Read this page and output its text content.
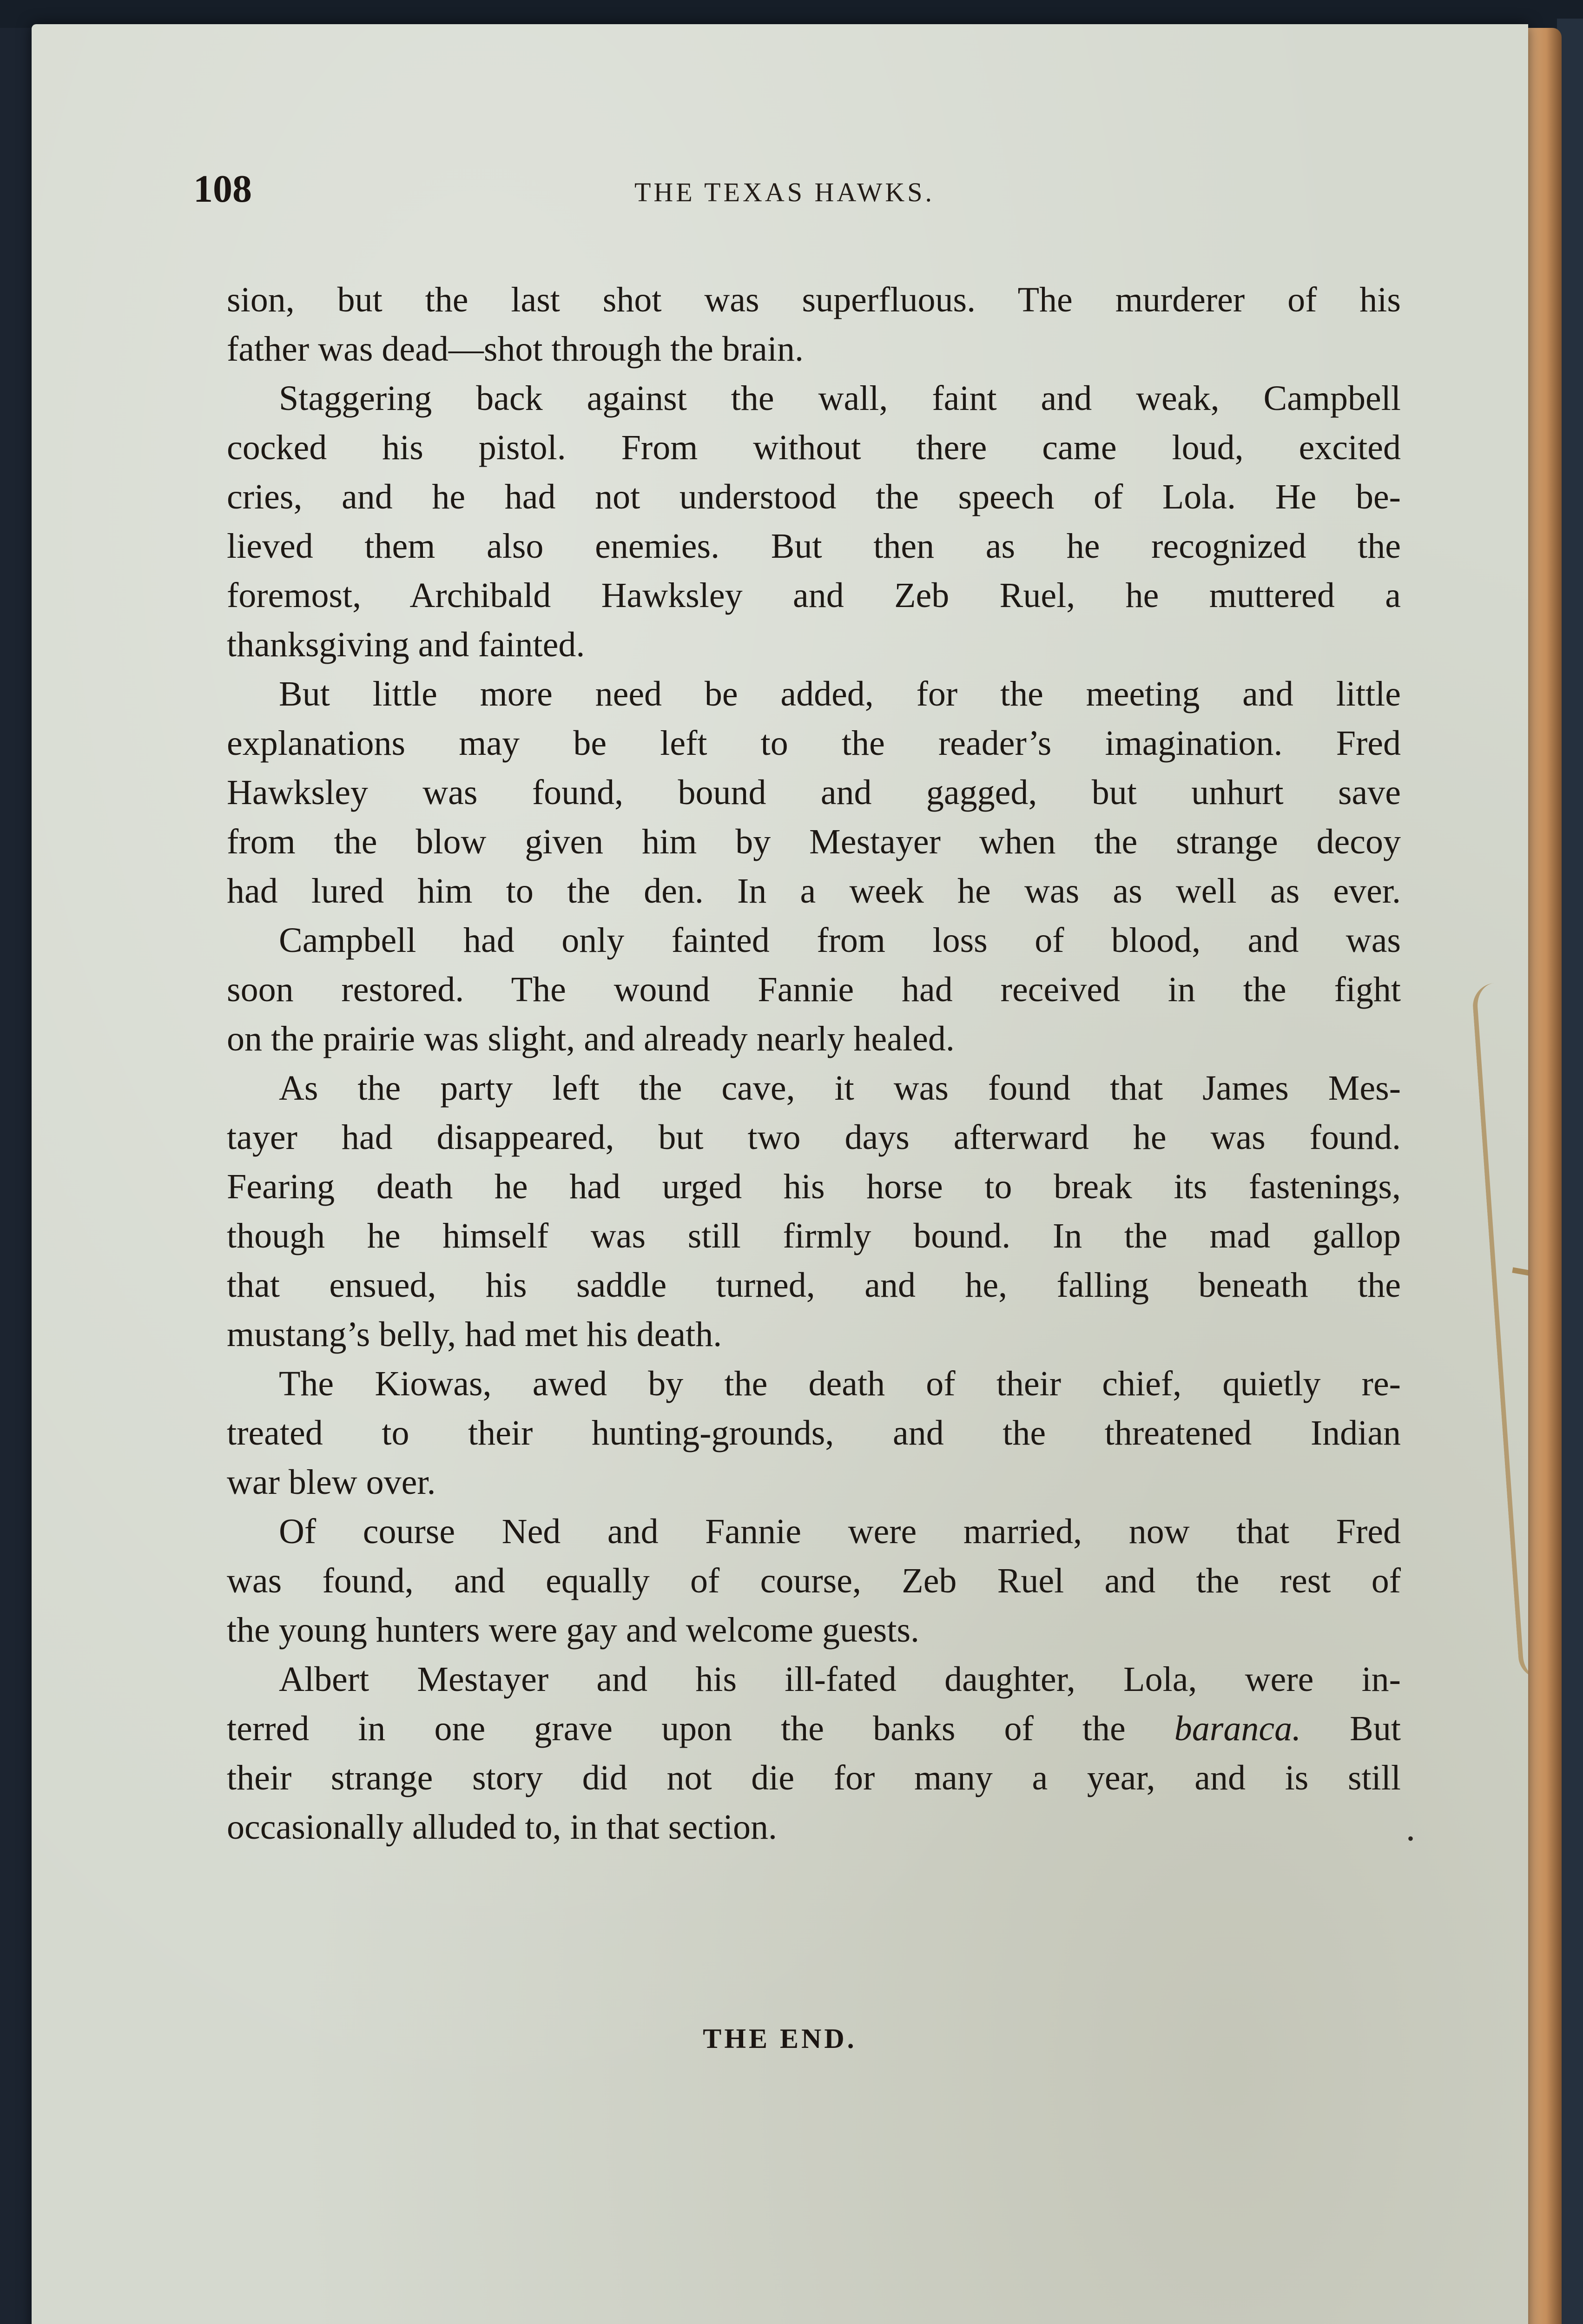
108	THE TEXAS HAWKS.
sion, but the last shot was superfluous. The murderer of his
father was dead—shot through the brain.
Staggering back against the wall, faint and weak, Campbell
cocked his pistol. From without there came loud, excited
cries, and he had not understood the speech of Lola. He be-
lieved them also enemies. But then as he recognized the
foremost, Archibald Hawksley and Zeb Ruel, he muttered a
thanksgiving and fainted.
But little more need be added, for the meeting and little
explanations may be left to the reader’s imagination. Fred
Hawksley was found, bound and gagged, but unhurt save
from the blow given him by Mestayer when the strange decoy
had lured him to the den. In a week he was as well as ever.
Campbell had only fainted from loss of blood, and was
soon restored. The wound Fannie had received in the fight
on the prairie was slight, and already nearly healed.
As the party left the cave, it was found that James Mes-
tayer had disappeared, but two days afterward he was found.
Fearing death he had urged his horse to break its fastenings,
though he himself was still firmly bound. In the mad gallop
that ensued, his saddle turned, and he, falling beneath the
mustang’s belly, had met his death.
The Kiowas, awed by the death of their chief, quietly re-
treated to their hunting-grounds, and the threatened Indian
war blew over.
Of course Ned and Fannie were married, now that Fred
was found, and equally of course, Zeb Ruel and the rest of
the young hunters were gay and welcome guests.
Albert Mestayer and his ill-fated daughter, Lola, were in-
terred in one grave upon the banks of the baranca. But
their strange story did not die for many a year, and is still
occasionally alluded to, in that section.	•
THE END.
